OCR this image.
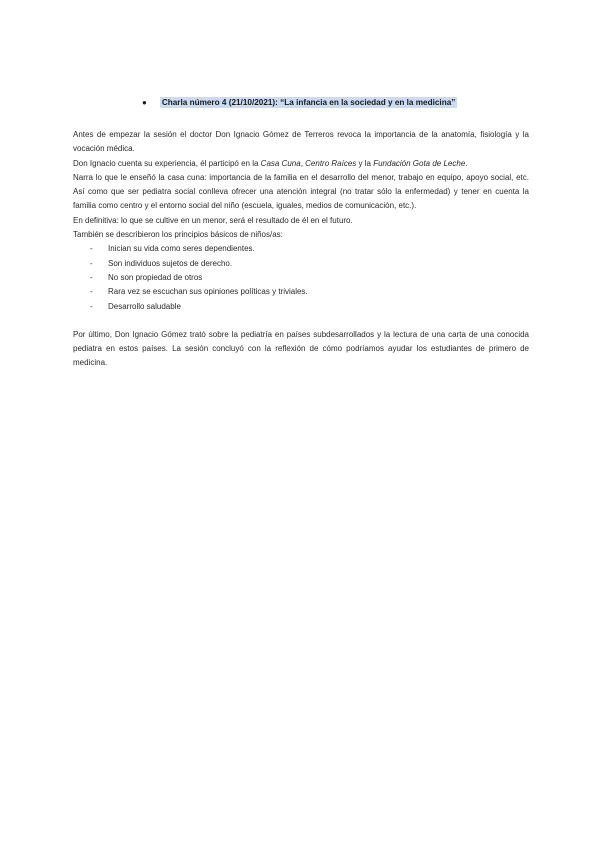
● Charla número 4 (21/10/2021): “La infancia en la sociedad y en la medicina”

Antes de empezar la sesión el doctor Don Ignacio Gómez de Terreros revoca la importancia de la anatomía, fisiología y la vocación médica.

Don Ignacio cuenta su experiencia, él participó en la Casa Cuna, Centro Raíces y la Fundación Gota de Leche.

Narra lo que le enseñó la casa cuna: importancia de la familia en el desarrollo del menor, trabajo en equipo, apoyo social, etc. Así como que ser pediatra social conlleva ofrecer una atención integral (no tratar sólo la enfermedad) y tener en cuenta la familia como centro y el entorno social del niño (escuela, iguales, medios de comunicación, etc.).

En definitiva: lo que se cultive en un menor, será el resultado de él en el futuro.

También se describieron los principios básicos de niños/as:

- Inician su vida como seres dependientes.
- Son individuos sujetos de derecho.
- No son propiedad de otros
- Rara vez se escuchan sus opiniones políticas y triviales.
- Desarrollo saludable

Por último, Don Ignacio Gómez trató sobre la pediatría en países subdesarrollados y la lectura de una carta de una conocida pediatra en estos países. La sesión concluyó con la reflexión de cómo podríamos ayudar los estudiantes de primero de medicina.
